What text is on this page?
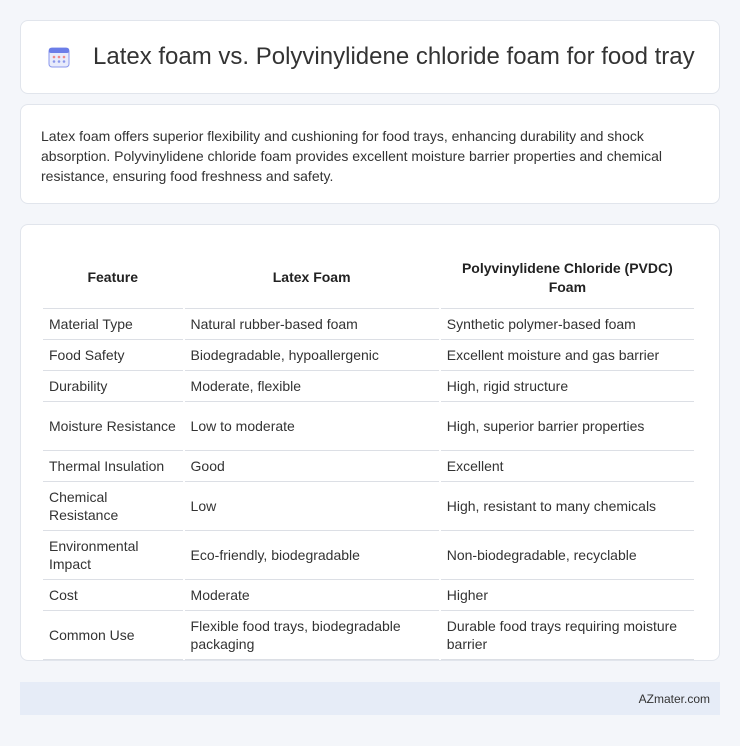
Latex foam vs. Polyvinylidene chloride foam for food tray

Latex foam offers superior flexibility and cushioning for food trays, enhancing durability and shock absorption. Polyvinylidene chloride foam provides excellent moisture barrier properties and chemical resistance, ensuring food freshness and safety.

Feature	Latex Foam	Polyvinylidene Chloride (PVDC) Foam
Material Type	Natural rubber-based foam	Synthetic polymer-based foam
Food Safety	Biodegradable, hypoallergenic	Excellent moisture and gas barrier
Durability	Moderate, flexible	High, rigid structure
Moisture Resistance	Low to moderate	High, superior barrier properties
Thermal Insulation	Good	Excellent
Chemical Resistance	Low	High, resistant to many chemicals
Environmental Impact	Eco-friendly, biodegradable	Non-biodegradable, recyclable
Cost	Moderate	Higher
Common Use	Flexible food trays, biodegradable packaging	Durable food trays requiring moisture barrier
AZmater.com
